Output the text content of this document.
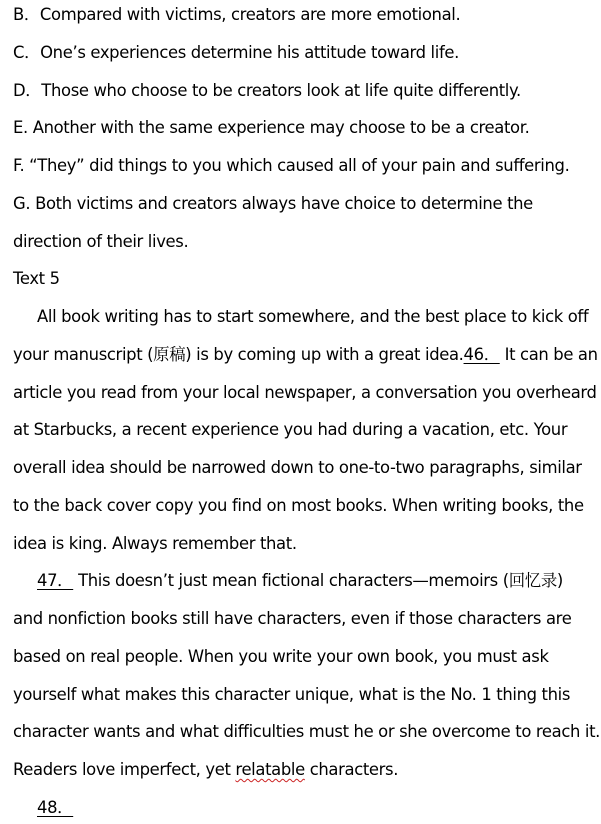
B．Compared with victims, creators are more emotional.
C．One’s experiences determine his attitude toward life.
D．Those who choose to be creators look at life quite differently.
E. Another with the same experience may choose to be a creator.
F. “They” did things to you which caused all of your pain and suffering.
G. Both victims and creators always have choice to determine the
direction of their lives.
Text 5
All book writing has to start somewhere, and the best place to kick off
your manuscript (原稿) is by coming up with a great idea.46． It can be an
article you read from your local newspaper, a conversation you overheard
at Starbucks, a recent experience you had during a vacation, etc. Your
overall idea should be narrowed down to one-to-two paragraphs, similar
to the back cover copy you find on most books. When writing books, the
idea is king. Always remember that.
47． This doesn’t just mean fictional characters—memoirs (回忆录)
and nonfiction books still have characters, even if those characters are
based on real people. When you write your own book, you must ask
yourself what makes this character unique, what is the No. 1 thing this
character wants and what difficulties must he or she overcome to reach it.
Readers love imperfect, yet relatable characters.
48．
